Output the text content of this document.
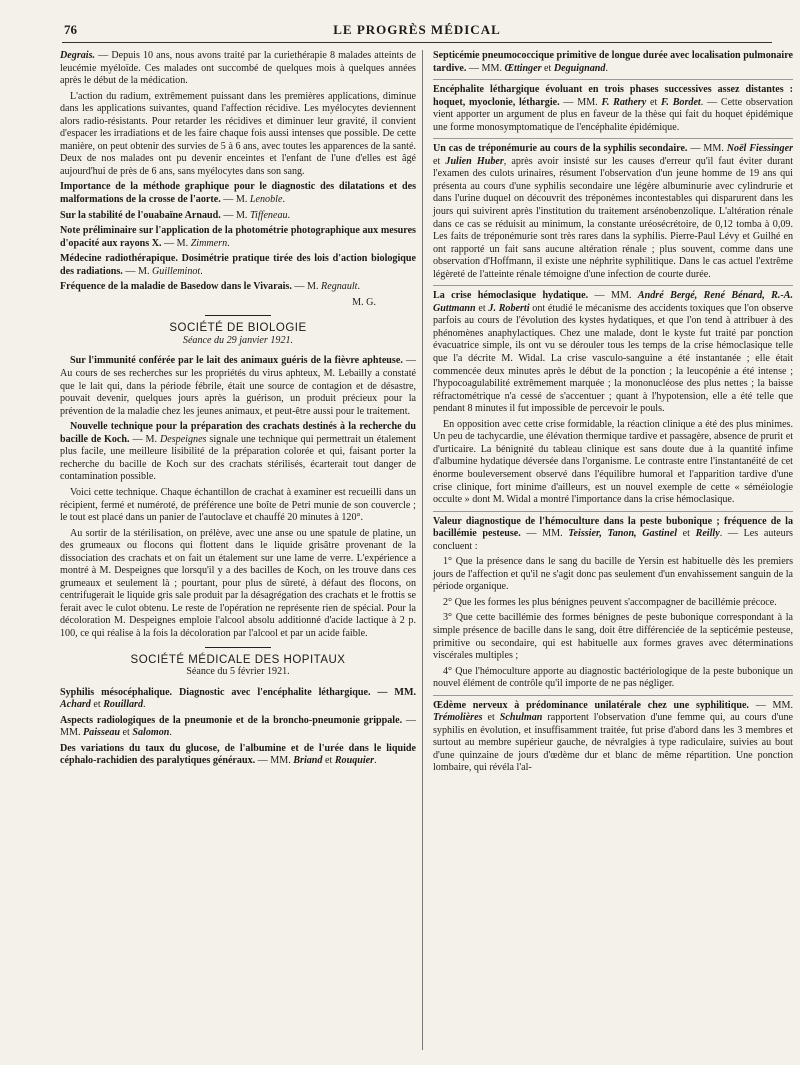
76	LE PROGRÈS MÉDICAL

Degrais. — Depuis 10 ans, nous avons traité par la curiethérapie 8 malades atteints de leucémie myéloïde. Ces malades ont succombé de quelques mois à quelques années après le début de la médication.

L'action du radium, extrêmement puissant dans les premières applications, diminue dans les applications suivantes, quand l'affection récidive. Les myélocytes deviennent alors radio-résistants. Pour retarder les récidives et diminuer leur gravité, il convient d'espacer les irradiations et de les faire chaque fois aussi intenses que possible. De cette manière, on peut obtenir des survies de 5 à 6 ans, avec toutes les apparences de la santé. Deux de nos malades ont pu devenir enceintes et l'enfant de l'une d'elles est âgé aujourd'hui de près de 6 ans, sans myélocytes dans son sang.

Importance de la méthode graphique pour le diagnostic des dilatations et des malformations de la crosse de l'aorte. — M. Lenoble.

Sur la stabilité de l'ouabaïne Arnaud. — M. Tiffeneau.

Note préliminaire sur l'application de la photométrie photographique aux mesures d'opacité aux rayons X. — M. Zimmern.

Médecine radiothérapique. Dosimétrie pratique tirée des lois d'action biologique des radiations. — M. Guilleminot.

Fréquence de la maladie de Basedow dans le Vivarais. — M. Regnault.

M. G.

SOCIÉTÉ DE BIOLOGIE
Séance du 29 janvier 1921.

Sur l'immunité conférée par le lait des animaux guéris de la fièvre aphteuse. — Au cours de ses recherches sur les propriétés du virus aphteux, M. Lebailly a constaté que le lait qui, dans la période fébrile, était une source de contagion et de désastre, pouvait devenir, quelques jours après la guérison, un produit précieux pour la prévention de la maladie chez les jeunes animaux, et peut-être aussi pour le traitement.

Nouvelle technique pour la préparation des crachats destinés à la recherche du bacille de Koch. — M. Despeignes signale une technique qui permettrait un étalement plus facile, une meilleure lisibilité de la préparation colorée et qui, faisant porter la recherche du bacille de Koch sur des crachats stérilisés, écarterait tout danger de contamination possible.

Voici cette technique. Chaque échantillon de crachat à examiner est recueilli dans un récipient, fermé et numéroté, de préférence une boîte de Petri munie de son couvercle ; le tout est placé dans un panier de l'autoclave et chauffé 20 minutes à 120°.

Au sortir de la stérilisation, on prélève, avec une anse ou une spatule de platine, un des grumeaux ou flocons qui flottent dans le liquide grisâtre provenant de la dissociation des crachats et on fait un étalement sur une lame de verre. L'expérience a montré à M. Despeignes que lorsqu'il y a des bacilles de Koch, on les trouve dans ces grumeaux et seulement là ; pourtant, pour plus de sûreté, à défaut des flocons, on centrifugerait le liquide gris sale produit par la désagrégation des crachats et le frottis se ferait avec le culot obtenu. Le reste de l'opération ne représente rien de spécial. Pour la décoloration M. Despeignes emploie l'alcool absolu additionné d'acide lactique à 2 p. 100, ce qui réalise à la fois la décoloration par l'alcool et par un acide faible.

SOCIÉTÉ MÉDICALE DES HOPITAUX
Séance du 5 février 1921.

Syphilis mésocéphalique. Diagnostic avec l'encéphalite léthargique. — MM. Achard et Rouillard.

Aspects radiologiques de la pneumonie et de la broncho-pneumonie grippale. — MM. Paisseau et Salomon.

Des variations du taux du glucose, de l'albumine et de l'urée dans le liquide céphalo-rachidien des paralytiques généraux. — MM. Briand et Rouquier.

Septicémie pneumococcique primitive de longue durée avec localisation pulmonaire tardive. — MM. Œttinger et Deguignand.

Encéphalite léthargique évoluant en trois phases successives assez distantes : hoquet, myoclonie, léthargie. — MM. F. Rathery et F. Bordet. — Cette observation vient apporter un argument de plus en faveur de la thèse qui fait du hoquet épidémique une forme monosymptomatique de l'encéphalite épidémique.

Un cas de tréponémurie au cours de la syphilis secondaire. — MM. Noël Fiessinger et Julien Huber, après avoir insisté sur les causes d'erreur qu'il faut éviter durant l'examen des culots urinaires, résument l'observation d'un jeune homme de 19 ans qui présenta au cours d'une syphilis secondaire une légère albuminurie avec cylindrurie et dans l'urine duquel on découvrit des tréponèmes incontestables qui disparurent dans les jours qui suivirent après l'institution du traitement arsénobenzolique. L'altération rénale dans ce cas se réduisit au minimum, la constante uréosécrétoire, de 0,12 tomba à 0,09. Les faits de tréponémurie sont très rares dans la syphilis. Pierre-Paul Lévy et Guilhé en ont rapporté un fait sans aucune altération rénale ; plus souvent, comme dans une observation d'Hoffmann, il existe une néphrite syphilitique. Dans le cas actuel l'extrême légèreté de l'atteinte rénale témoigne d'une infection de courte durée.

La crise hémoclasique hydatique. — MM. André Bergé, René Bénard, R.-A. Guttmann et J. Roberti ont étudié le mécanisme des accidents toxiques que l'on observe parfois au cours de l'évolution des kystes hydatiques, et que l'on tend à attribuer à des phénomènes anaphylactiques. Chez une malade, dont le kyste fut traité par ponction évacuatrice simple, ils ont vu se dérouler tous les temps de la crise hémoclasique telle que l'a décrite M. Widal. La crise vasculo-sanguine a été instantanée ; elle était commencée deux minutes après le début de la ponction ; la leucopénie a été intense ; l'hypocoagulabilité extrêmement marquée ; la mononucléose des plus nettes ; la baisse réfractométrique n'a cessé de s'accentuer ; quant à l'hypotension, elle a été telle que pendant 8 minutes il fut impossible de percevoir le pouls.

En opposition avec cette crise formidable, la réaction clinique a été des plus minimes. Un peu de tachycardie, une élévation thermique tardive et passagère, absence de prurit et d'urticaire. La bénignité du tableau clinique est sans doute due à la quantité infime d'albumine hydatique déversée dans l'organisme. Le contraste entre l'instantanéité de cet énorme bouleversement observé dans l'équilibre humoral et l'apparition tardive d'une crise clinique, fort minime d'ailleurs, est un nouvel exemple de cette « séméiologie occulte » dont M. Widal a montré l'importance dans la crise hémoclasique.

Valeur diagnostique de l'hémoculture dans la peste bubonique ; fréquence de la bacillémie pesteuse. — MM. Teissier, Tanon, Gastinel et Reilly. — Les auteurs concluent :

1° Que la présence dans le sang du bacille de Yersin est habituelle dès les premiers jours de l'affection et qu'il ne s'agit donc pas seulement d'un envahissement sanguin de la période organique.

2° Que les formes les plus bénignes peuvent s'accompagner de bacillémie précoce.

3° Que cette bacillémie des formes bénignes de peste bubonique correspondant à la simple présence de bacille dans le sang, doit être différenciée de la septicémie pesteuse, primitive ou secondaire, qui est habituelle aux formes graves avec déterminations viscérales multiples ;

4° Que l'hémoculture apporte au diagnostic bactériologique de la peste bubonique un nouvel élément de contrôle qu'il importe de ne pas négliger.

Œdème nerveux à prédominance unilatérale chez une syphilitique. — MM. Trémolières et Schulman rapportent l'observation d'une femme qui, au cours d'une syphilis en évolution, et insuffisamment traitée, fut prise d'abord dans les 3 membres et surtout au membre supérieur gauche, de névralgies à type radiculaire, suivies au bout d'une quinzaine de jours d'œdème dur et blanc de même répartition. Une ponction lombaire, qui révéla l'al-
